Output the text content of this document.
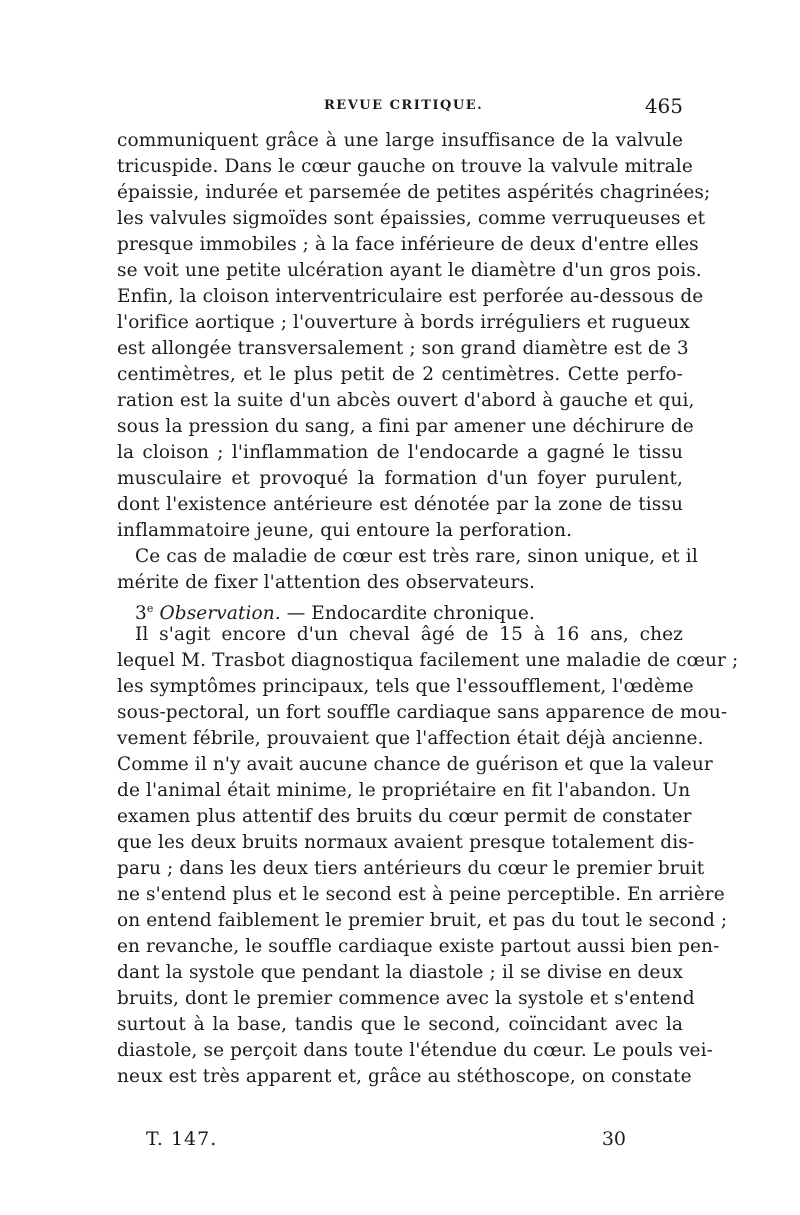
REVUE CRITIQUE.	465
communiquent grâce à une large insuffisance de la valvule
tricuspide. Dans le cœur gauche on trouve la valvule mitrale
épaissie, indurée et parsemée de petites aspérités chagrinées;
les valvules sigmoïdes sont épaissies, comme verruqueuses et
presque immobiles ; à la face inférieure de deux d'entre elles
se voit une petite ulcération ayant le diamètre d'un gros pois.
Enfin, la cloison interventriculaire est perforée au-dessous de
l'orifice aortique ; l'ouverture à bords irréguliers et rugueux
est allongée transversalement ; son grand diamètre est de 3
centimètres, et le plus petit de 2 centimètres. Cette perfo-
ration est la suite d'un abcès ouvert d'abord à gauche et qui,
sous la pression du sang, a fini par amener une déchirure de
la cloison ; l'inflammation de l'endocarde a gagné le tissu
musculaire et provoqué la formation d'un foyer purulent,
dont l'existence antérieure est dénotée par la zone de tissu
inflammatoire jeune, qui entoure la perforation.
Ce cas de maladie de cœur est très rare, sinon unique, et il
mérite de fixer l'attention des observateurs.
3e Observation. — Endocardite chronique.
Il s'agit encore d'un cheval âgé de 15 à 16 ans, chez
lequel M. Trasbot diagnostiqua facilement une maladie de cœur ;
les symptômes principaux, tels que l'essoufflement, l'œdème
sous-pectoral, un fort souffle cardiaque sans apparence de mou-
vement fébrile, prouvaient que l'affection était déjà ancienne.
Comme il n'y avait aucune chance de guérison et que la valeur
de l'animal était minime, le propriétaire en fit l'abandon. Un
examen plus attentif des bruits du cœur permit de constater
que les deux bruits normaux avaient presque totalement dis-
paru ; dans les deux tiers antérieurs du cœur le premier bruit
ne s'entend plus et le second est à peine perceptible. En arrière
on entend faiblement le premier bruit, et pas du tout le second ;
en revanche, le souffle cardiaque existe partout aussi bien pen-
dant la systole que pendant la diastole ; il se divise en deux
bruits, dont le premier commence avec la systole et s'entend
surtout à la base, tandis que le second, coïncidant avec la
diastole, se perçoit dans toute l'étendue du cœur. Le pouls vei-
neux est très apparent et, grâce au stéthoscope, on constate
T. 147.	30
